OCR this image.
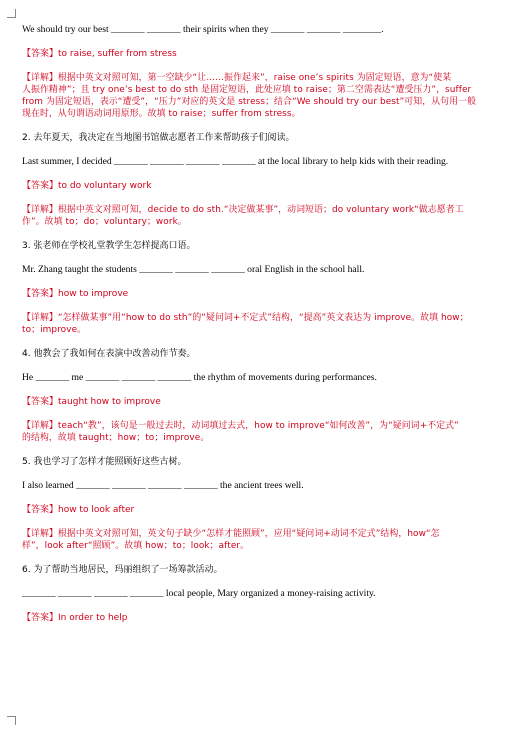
We should try our best _______ _______ their spirits when they _______ _______ ________.

【答案】to raise, suffer from stress

【详解】根据中英文对照可知，第一空缺少“让……振作起来”，raise one’s spirits 为固定短语，意为“使某
人振作精神”；且 try one’s best to do sth 是固定短语，此处应填 to raise；第二空需表达“遭受压力”，suffer
from 为固定短语，表示“遭受”，“压力”对应的英文是 stress；结合“We should try our best”可知，从句用一般
现在时，从句谓语动词用原形。故填 to raise；suffer from stress。

2. 去年夏天，我决定在当地图书馆做志愿者工作来帮助孩子们阅读。

Last summer, I decided _______ _______ _______ _______ at the local library to help kids with their reading.

【答案】to do voluntary work

【详解】根据中英文对照可知，decide to do sth.“决定做某事”，动词短语；do voluntary work“做志愿者工
作”。故填 to；do；voluntary；work。

3. 张老师在学校礼堂教学生怎样提高口语。

Mr. Zhang taught the students _______ _______ _______ oral English in the school hall.

【答案】how to improve

【详解】“怎样做某事”用“how to do sth”的“疑问词+不定式”结构，“提高”英文表达为 improve。故填 how；
to；improve。

4. 他教会了我如何在表演中改善动作节奏。

He _______ me _______ _______ _______ the rhythm of movements during performances.

【答案】taught how to improve

【详解】teach“教”，该句是一般过去时，动词填过去式，how to improve“如何改善”，为“疑问词+不定式”
的结构，故填 taught；how；to；improve。

5. 我也学习了怎样才能照顾好这些古树。

I also learned _______ _______ _______ _______ the ancient trees well.

【答案】how to look after

【详解】根据中英文对照可知，英文句子缺少“怎样才能照顾”，应用“疑问词+动词不定式”结构，how“怎
样”，look after“照顾”。故填 how；to；look；after。

6. 为了帮助当地居民，玛丽组织了一场筹款活动。

_______ _______ _______ _______ local people, Mary organized a money-raising activity.

【答案】In order to help
